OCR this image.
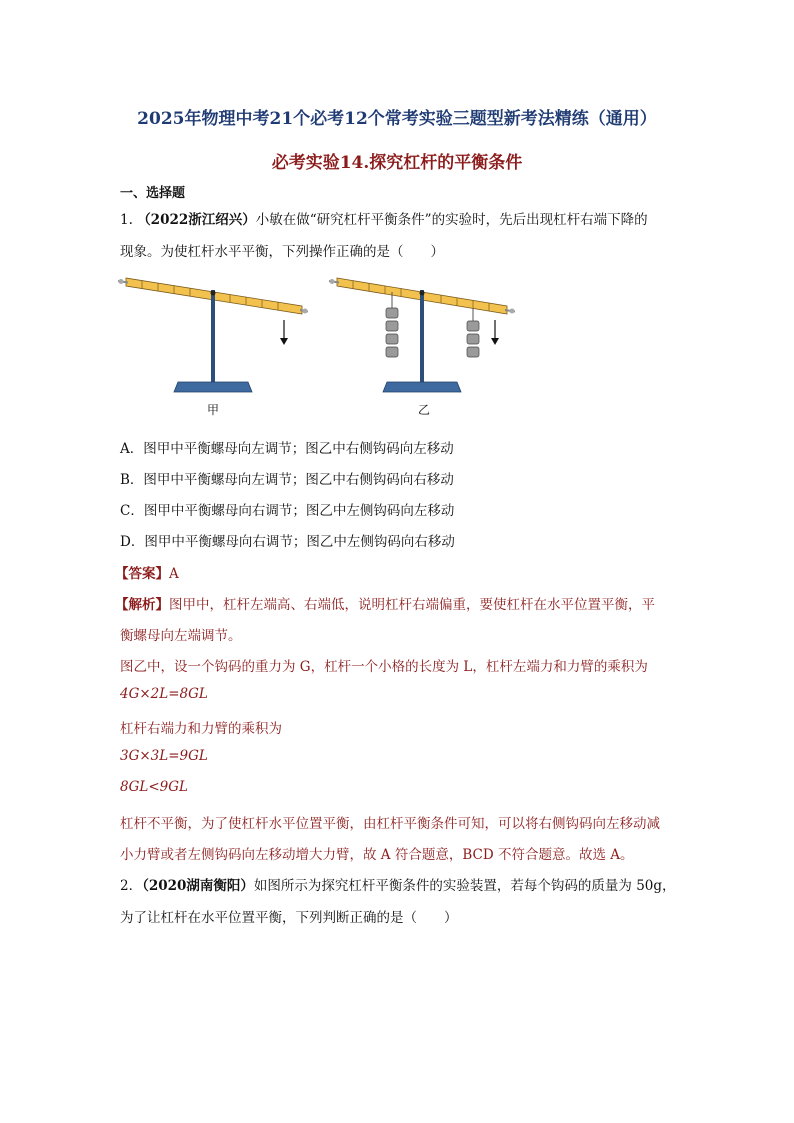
2025年物理中考21个必考12个常考实验三题型新考法精练（通用）
必考实验14.探究杠杆的平衡条件
一、选择题
1. （2022浙江绍兴）小敏在做“研究杠杆平衡条件”的实验时，先后出现杠杆右端下降的
现象。为使杠杆水平平衡，下列操作正确的是（　　）
甲	乙
A．图甲中平衡螺母向左调节；图乙中右侧钩码向左移动
B．图甲中平衡螺母向左调节；图乙中右侧钩码向右移动
C．图甲中平衡螺母向右调节；图乙中左侧钩码向左移动
D．图甲中平衡螺母向右调节；图乙中左侧钩码向右移动
【答案】A
【解析】图甲中，杠杆左端高、右端低，说明杠杆右端偏重，要使杠杆在水平位置平衡，平
衡螺母向左端调节。
图乙中，设一个钩码的重力为 G，杠杆一个小格的长度为 L，杠杆左端力和力臂的乘积为
4G×2L=8GL
杠杆右端力和力臂的乘积为
3G×3L=9GL
8GL<9GL
杠杆不平衡，为了使杠杆水平位置平衡，由杠杆平衡条件可知，可以将右侧钩码向左移动减
小力臂或者左侧钩码向左移动增大力臂，故 A 符合题意，BCD 不符合题意。故选 A。
2．（2020湖南衡阳）如图所示为探究杠杆平衡条件的实验装置，若每个钩码的质量为 50g，
为了让杠杆在水平位置平衡，下列判断正确的是（　　）
